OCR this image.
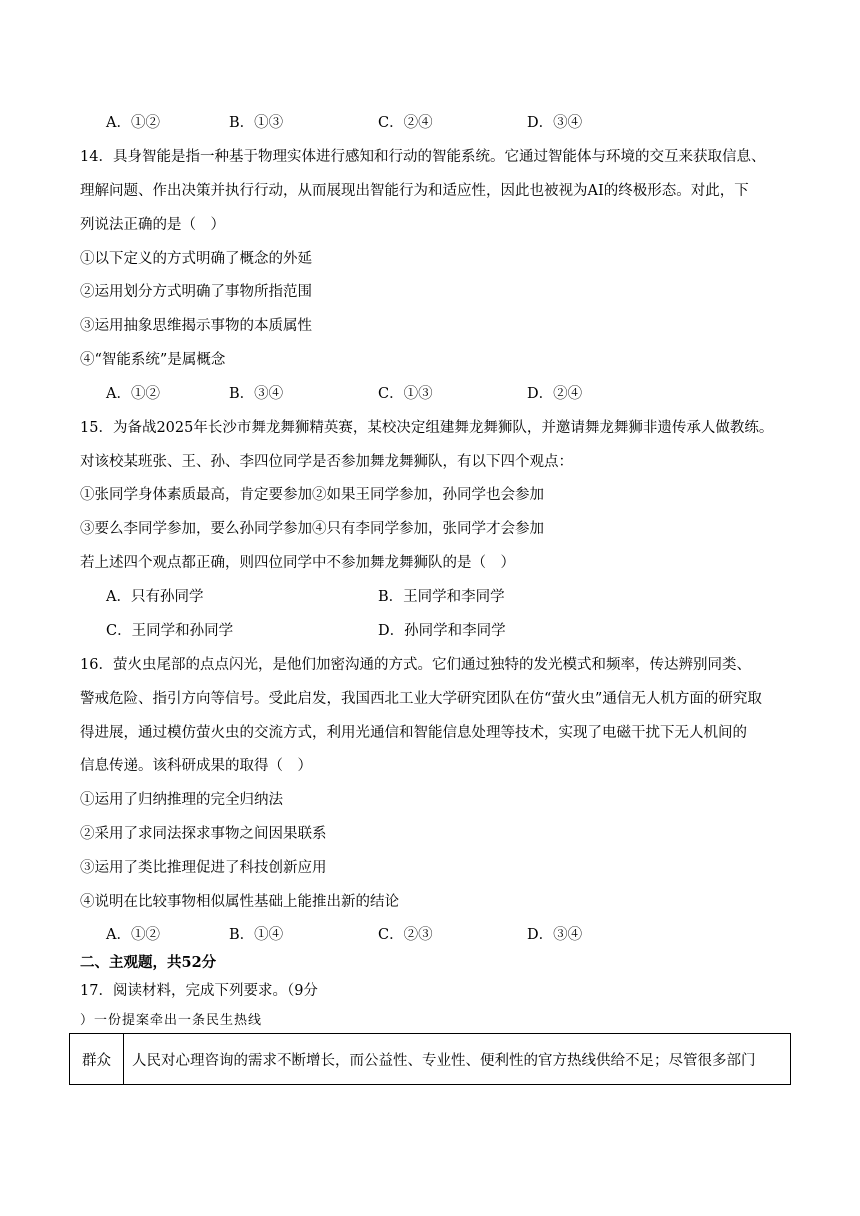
A．①②	B．①③	C．②④	D．③④
14．具身智能是指一种基于物理实体进行感知和行动的智能系统。它通过智能体与环境的交互来获取信息、
理解问题、作出决策并执行行动，从而展现出智能行为和适应性，因此也被视为AI的终极形态。对此，下
列说法正确的是（　）
①以下定义的方式明确了概念的外延
②运用划分方式明确了事物所指范围
③运用抽象思维揭示事物的本质属性
④“智能系统”是属概念
A．①②	B．③④	C．①③	D．②④
15．为备战2025年长沙市舞龙舞狮精英赛，某校决定组建舞龙舞狮队，并邀请舞龙舞狮非遗传承人做教练。
对该校某班张、王、孙、李四位同学是否参加舞龙舞狮队，有以下四个观点：
①张同学身体素质最高，肯定要参加②如果王同学参加，孙同学也会参加
③要么李同学参加，要么孙同学参加④只有李同学参加，张同学才会参加
若上述四个观点都正确，则四位同学中不参加舞龙舞狮队的是（　）
A．只有孙同学	B．王同学和李同学
C．王同学和孙同学	D．孙同学和李同学
16．萤火虫尾部的点点闪光，是他们加密沟通的方式。它们通过独特的发光模式和频率，传达辨别同类、
警戒危险、指引方向等信号。受此启发，我国西北工业大学研究团队在仿“萤火虫”通信无人机方面的研究取
得进展，通过模仿萤火虫的交流方式，利用光通信和智能信息处理等技术，实现了电磁干扰下无人机间的
信息传递。该科研成果的取得（　）
①运用了归纳推理的完全归纳法
②采用了求同法探求事物之间因果联系
③运用了类比推理促进了科技创新应用
④说明在比较事物相似属性基础上能推出新的结论
A．①②	B．①④	C．②③	D．③④
二、主观题，共52分
17．阅读材料，完成下列要求。（9分
）一份提案牵出一条民生热线
群众	人民对心理咨询的需求不断增长，而公益性、专业性、便利性的官方热线供给不足；尽管很多部门
